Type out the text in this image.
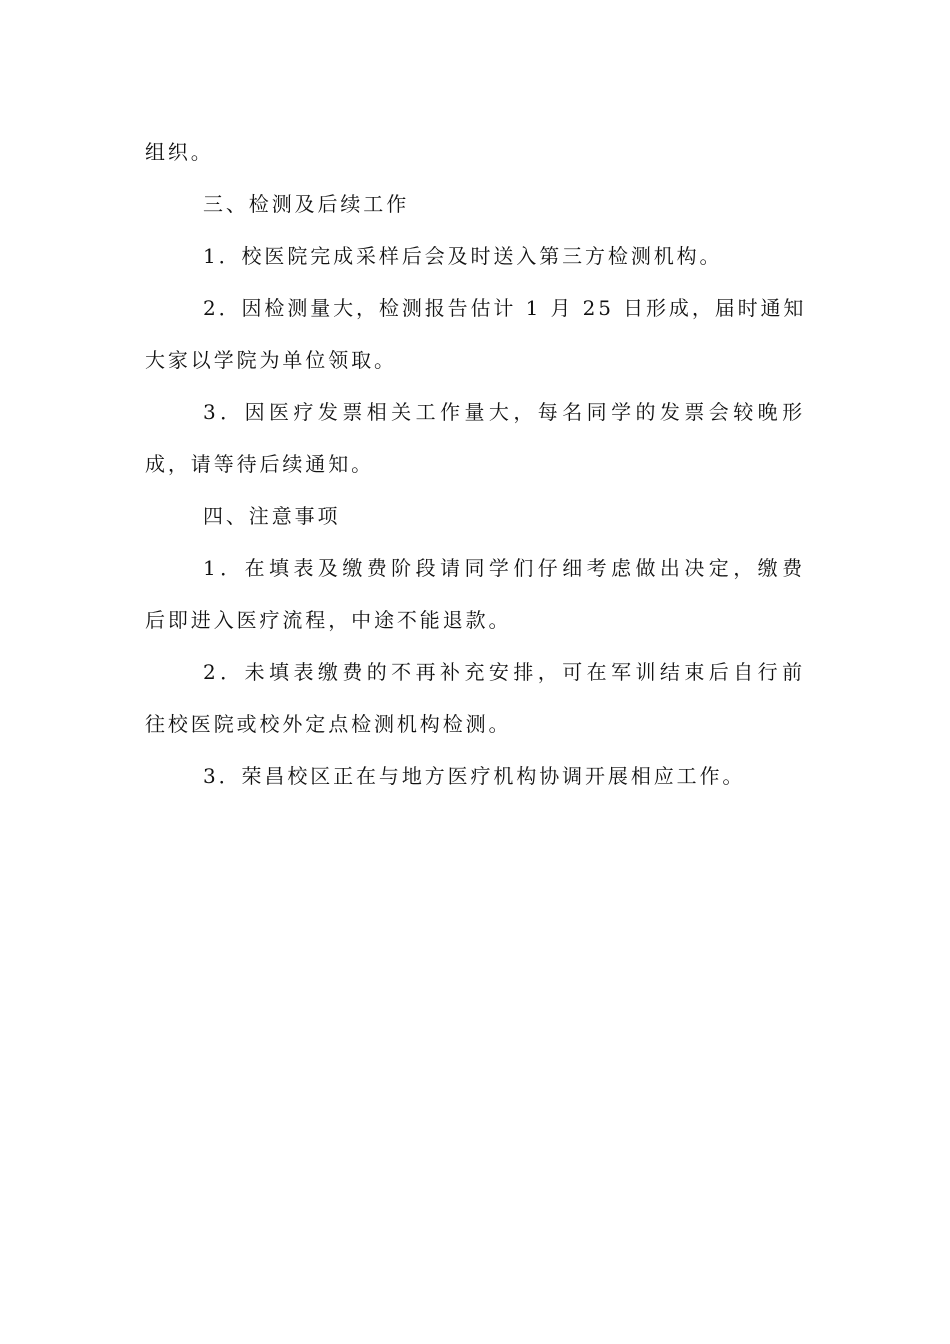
组织。
三、检测及后续工作
1．校医院完成采样后会及时送入第三方检测机构。
2．因检测量大，检测报告估计 1 月 25 日形成，届时通知
大家以学院为单位领取。
3．因医疗发票相关工作量大，每名同学的发票会较晚形
成，请等待后续通知。
四、注意事项
1．在填表及缴费阶段请同学们仔细考虑做出决定，缴费
后即进入医疗流程，中途不能退款。
2．未填表缴费的不再补充安排，可在军训结束后自行前
往校医院或校外定点检测机构检测。
3．荣昌校区正在与地方医疗机构协调开展相应工作。
